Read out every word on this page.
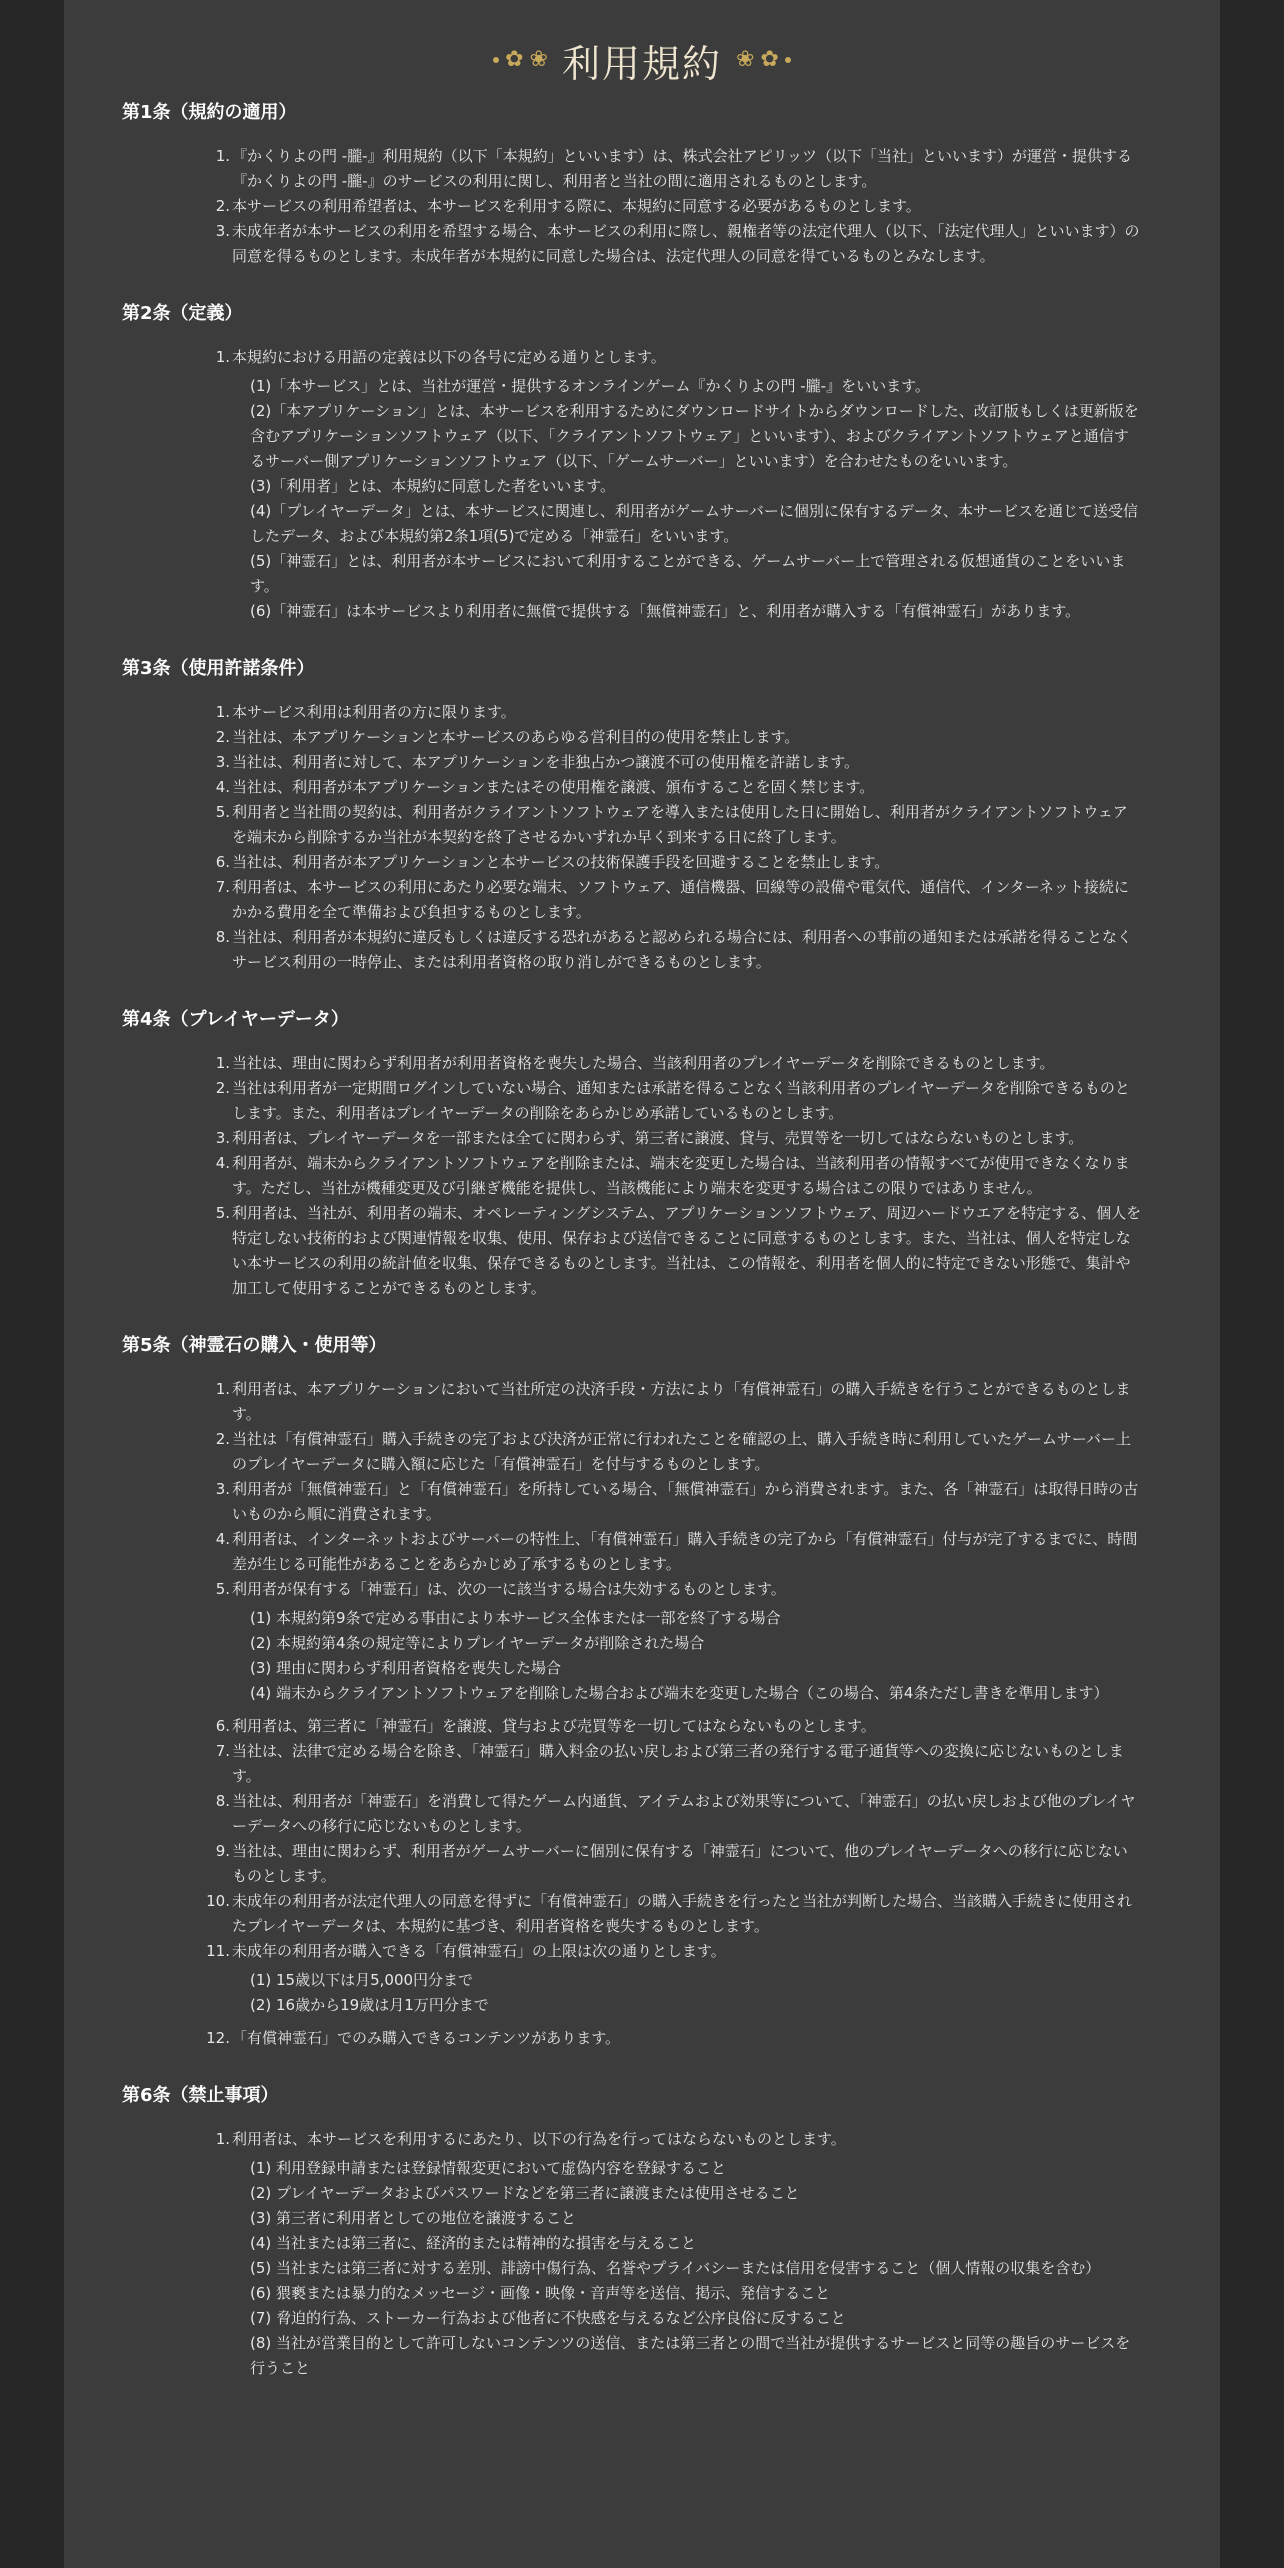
✿ ❀ 利用規約 ❀ ✿
第1条（規約の適用）
1. 『かくりよの門 -朧-』利用規約（以下「本規約」といいます）は、株式会社アピリッツ（以下「当社」といいます）が運営・提供する『かくりよの門 -朧-』のサービスの利用に関し、利用者と当社の間に適用されるものとします。
2. 本サービスの利用希望者は、本サービスを利用する際に、本規約に同意する必要があるものとします。
3. 未成年者が本サービスの利用を希望する場合、本サービスの利用に際し、親権者等の法定代理人（以下、「法定代理人」といいます）の同意を得るものとします。未成年者が本規約に同意した場合は、法定代理人の同意を得ているものとみなします。
第2条（定義）
1. 本規約における用語の定義は以下の各号に定める通りとします。
(1)「本サービス」とは、当社が運営・提供するオンラインゲーム『かくりよの門 -朧-』をいいます。
(2)「本アプリケーション」とは、本サービスを利用するためにダウンロードサイトからダウンロードした、改訂版もしくは更新版を含むアプリケーションソフトウェア（以下、「クライアントソフトウェア」といいます）、およびクライアントソフトウェアと通信するサーバー側アプリケーションソフトウェア（以下、「ゲームサーバー」といいます）を合わせたものをいいます。
(3)「利用者」とは、本規約に同意した者をいいます。
(4)「プレイヤーデータ」とは、本サービスに関連し、利用者がゲームサーバーに個別に保有するデータ、本サービスを通じて送受信したデータ、および本規約第2条1項(5)で定める「神霊石」をいいます。
(5)「神霊石」とは、利用者が本サービスにおいて利用することができる、ゲームサーバー上で管理される仮想通貨のことをいいます。
(6)「神霊石」は本サービスより利用者に無償で提供する「無償神霊石」と、利用者が購入する「有償神霊石」があります。
第3条（使用許諾条件）
1. 本サービス利用は利用者の方に限ります。
2. 当社は、本アプリケーションと本サービスのあらゆる営利目的の使用を禁止します。
3. 当社は、利用者に対して、本アプリケーションを非独占かつ譲渡不可の使用権を許諾します。
4. 当社は、利用者が本アプリケーションまたはその使用権を譲渡、頒布することを固く禁じます。
5. 利用者と当社間の契約は、利用者がクライアントソフトウェアを導入または使用した日に開始し、利用者がクライアントソフトウェアを端末から削除するか当社が本契約を終了させるかいずれか早く到来する日に終了します。
6. 当社は、利用者が本アプリケーションと本サービスの技術保護手段を回避することを禁止します。
7. 利用者は、本サービスの利用にあたり必要な端末、ソフトウェア、通信機器、回線等の設備や電気代、通信代、インターネット接続にかかる費用を全て準備および負担するものとします。
8. 当社は、利用者が本規約に違反もしくは違反する恐れがあると認められる場合には、利用者への事前の通知または承諾を得ることなくサービス利用の一時停止、または利用者資格の取り消しができるものとします。
第4条（プレイヤーデータ）
1. 当社は、理由に関わらず利用者が利用者資格を喪失した場合、当該利用者のプレイヤーデータを削除できるものとします。
2. 当社は利用者が一定期間ログインしていない場合、通知または承諾を得ることなく当該利用者のプレイヤーデータを削除できるものとします。また、利用者はプレイヤーデータの削除をあらかじめ承諾しているものとします。
3. 利用者は、プレイヤーデータを一部または全てに関わらず、第三者に譲渡、貸与、売買等を一切してはならないものとします。
4. 利用者が、端末からクライアントソフトウェアを削除または、端末を変更した場合は、当該利用者の情報すべてが使用できなくなります。ただし、当社が機種変更及び引継ぎ機能を提供し、当該機能により端末を変更する場合はこの限りではありません。
5. 利用者は、当社が、利用者の端末、オペレーティングシステム、アプリケーションソフトウェア、周辺ハードウエアを特定する、個人を特定しない技術的および関連情報を収集、使用、保存および送信できることに同意するものとします。また、当社は、個人を特定しない本サービスの利用の統計値を収集、保存できるものとします。当社は、この情報を、利用者を個人的に特定できない形態で、集計や加工して使用することができるものとします。
第5条（神霊石の購入・使用等）
1. 利用者は、本アプリケーションにおいて当社所定の決済手段・方法により「有償神霊石」の購入手続きを行うことができるものとします。
2. 当社は「有償神霊石」購入手続きの完了および決済が正常に行われたことを確認の上、購入手続き時に利用していたゲームサーバー上のプレイヤーデータに購入額に応じた「有償神霊石」を付与するものとします。
3. 利用者が「無償神霊石」と「有償神霊石」を所持している場合、「無償神霊石」から消費されます。また、各「神霊石」は取得日時の古いものから順に消費されます。
4. 利用者は、インターネットおよびサーバーの特性上、「有償神霊石」購入手続きの完了から「有償神霊石」付与が完了するまでに、時間差が生じる可能性があることをあらかじめ了承するものとします。
5. 利用者が保有する「神霊石」は、次の一に該当する場合は失効するものとします。
(1) 本規約第9条で定める事由により本サービス全体または一部を終了する場合
(2) 本規約第4条の規定等によりプレイヤーデータが削除された場合
(3) 理由に関わらず利用者資格を喪失した場合
(4) 端末からクライアントソフトウェアを削除した場合および端末を変更した場合（この場合、第4条ただし書きを準用します）
6. 利用者は、第三者に「神霊石」を譲渡、貸与および売買等を一切してはならないものとします。
7. 当社は、法律で定める場合を除き、「神霊石」購入料金の払い戻しおよび第三者の発行する電子通貨等への変換に応じないものとします。
8. 当社は、利用者が「神霊石」を消費して得たゲーム内通貨、アイテムおよび効果等について、「神霊石」の払い戻しおよび他のプレイヤーデータへの移行に応じないものとします。
9. 当社は、理由に関わらず、利用者がゲームサーバーに個別に保有する「神霊石」について、他のプレイヤーデータへの移行に応じないものとします。
10. 未成年の利用者が法定代理人の同意を得ずに「有償神霊石」の購入手続きを行ったと当社が判断した場合、当該購入手続きに使用されたプレイヤーデータは、本規約に基づき、利用者資格を喪失するものとします。
11. 未成年の利用者が購入できる「有償神霊石」の上限は次の通りとします。
(1) 15歳以下は月5,000円分まで
(2) 16歳から19歳は月1万円分まで
12. 「有償神霊石」でのみ購入できるコンテンツがあります。
第6条（禁止事項）
1. 利用者は、本サービスを利用するにあたり、以下の行為を行ってはならないものとします。
(1) 利用登録申請または登録情報変更において虚偽内容を登録すること
(2) プレイヤーデータおよびパスワードなどを第三者に譲渡または使用させること
(3) 第三者に利用者としての地位を譲渡すること
(4) 当社または第三者に、経済的または精神的な損害を与えること
(5) 当社または第三者に対する差別、誹謗中傷行為、名誉やプライバシーまたは信用を侵害すること（個人情報の収集を含む）
(6) 猥褻または暴力的なメッセージ・画像・映像・音声等を送信、掲示、発信すること
(7) 脅迫的行為、ストーカー行為および他者に不快感を与えるなど公序良俗に反すること
(8) 当社が営業目的として許可しないコンテンツの送信、または第三者との間で当社が提供するサービスと同等の趣旨のサービスを行うこと
